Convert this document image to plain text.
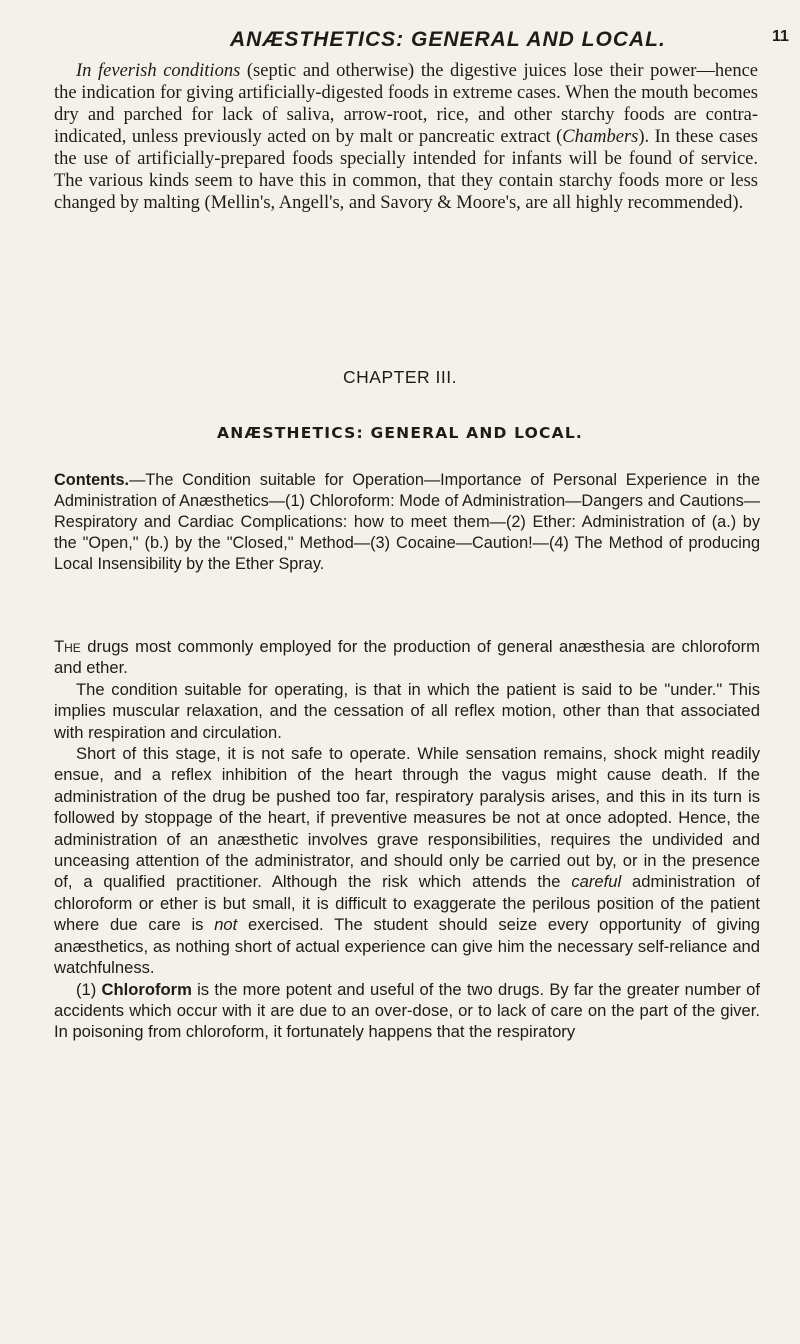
ANÆSTHETICS: GENERAL AND LOCAL.	11

In feverish conditions (septic and otherwise) the digestive juices lose their power—hence the indication for giving artificially-digested foods in extreme cases. When the mouth becomes dry and parched for lack of saliva, arrow-root, rice, and other starchy foods are contra-indicated, unless previously acted on by malt or pancreatic extract (Chambers). In these cases the use of artificially-prepared foods specially intended for infants will be found of service. The various kinds seem to have this in common, that they contain starchy foods more or less changed by malting (Mellin's, Angell's, and Savory & Moore's, are all highly recommended).

CHAPTER III.
ANÆSTHETICS: GENERAL AND LOCAL.
Contents.—The Condition suitable for Operation—Importance of Personal Experience in the Administration of Anæsthetics—(1) Chloroform: Mode of Administration—Dangers and Cautions—Respiratory and Cardiac Complications: how to meet them—(2) Ether: Administration of (a.) by the "Open," (b.) by the "Closed," Method—(3) Cocaine—Caution!—(4) The Method of producing Local Insensibility by the Ether Spray.

The drugs most commonly employed for the production of general anæsthesia are chloroform and ether.

The condition suitable for operating, is that in which the patient is said to be "under." This implies muscular relaxation, and the cessation of all reflex motion, other than that associated with respiration and circulation.

Short of this stage, it is not safe to operate. While sensation remains, shock might readily ensue, and a reflex inhibition of the heart through the vagus might cause death. If the administration of the drug be pushed too far, respiratory paralysis arises, and this in its turn is followed by stoppage of the heart, if preventive measures be not at once adopted. Hence, the administration of an anæsthetic involves grave responsibilities, requires the undivided and unceasing attention of the administrator, and should only be carried out by, or in the presence of, a qualified practitioner. Although the risk which attends the careful administration of chloroform or ether is but small, it is difficult to exaggerate the perilous position of the patient where due care is not exercised. The student should seize every opportunity of giving anæsthetics, as nothing short of actual experience can give him the necessary self-reliance and watchfulness.

(1) Chloroform is the more potent and useful of the two drugs. By far the greater number of accidents which occur with it are due to an over-dose, or to lack of care on the part of the giver. In poisoning from chloroform, it fortunately happens that the respiratory
